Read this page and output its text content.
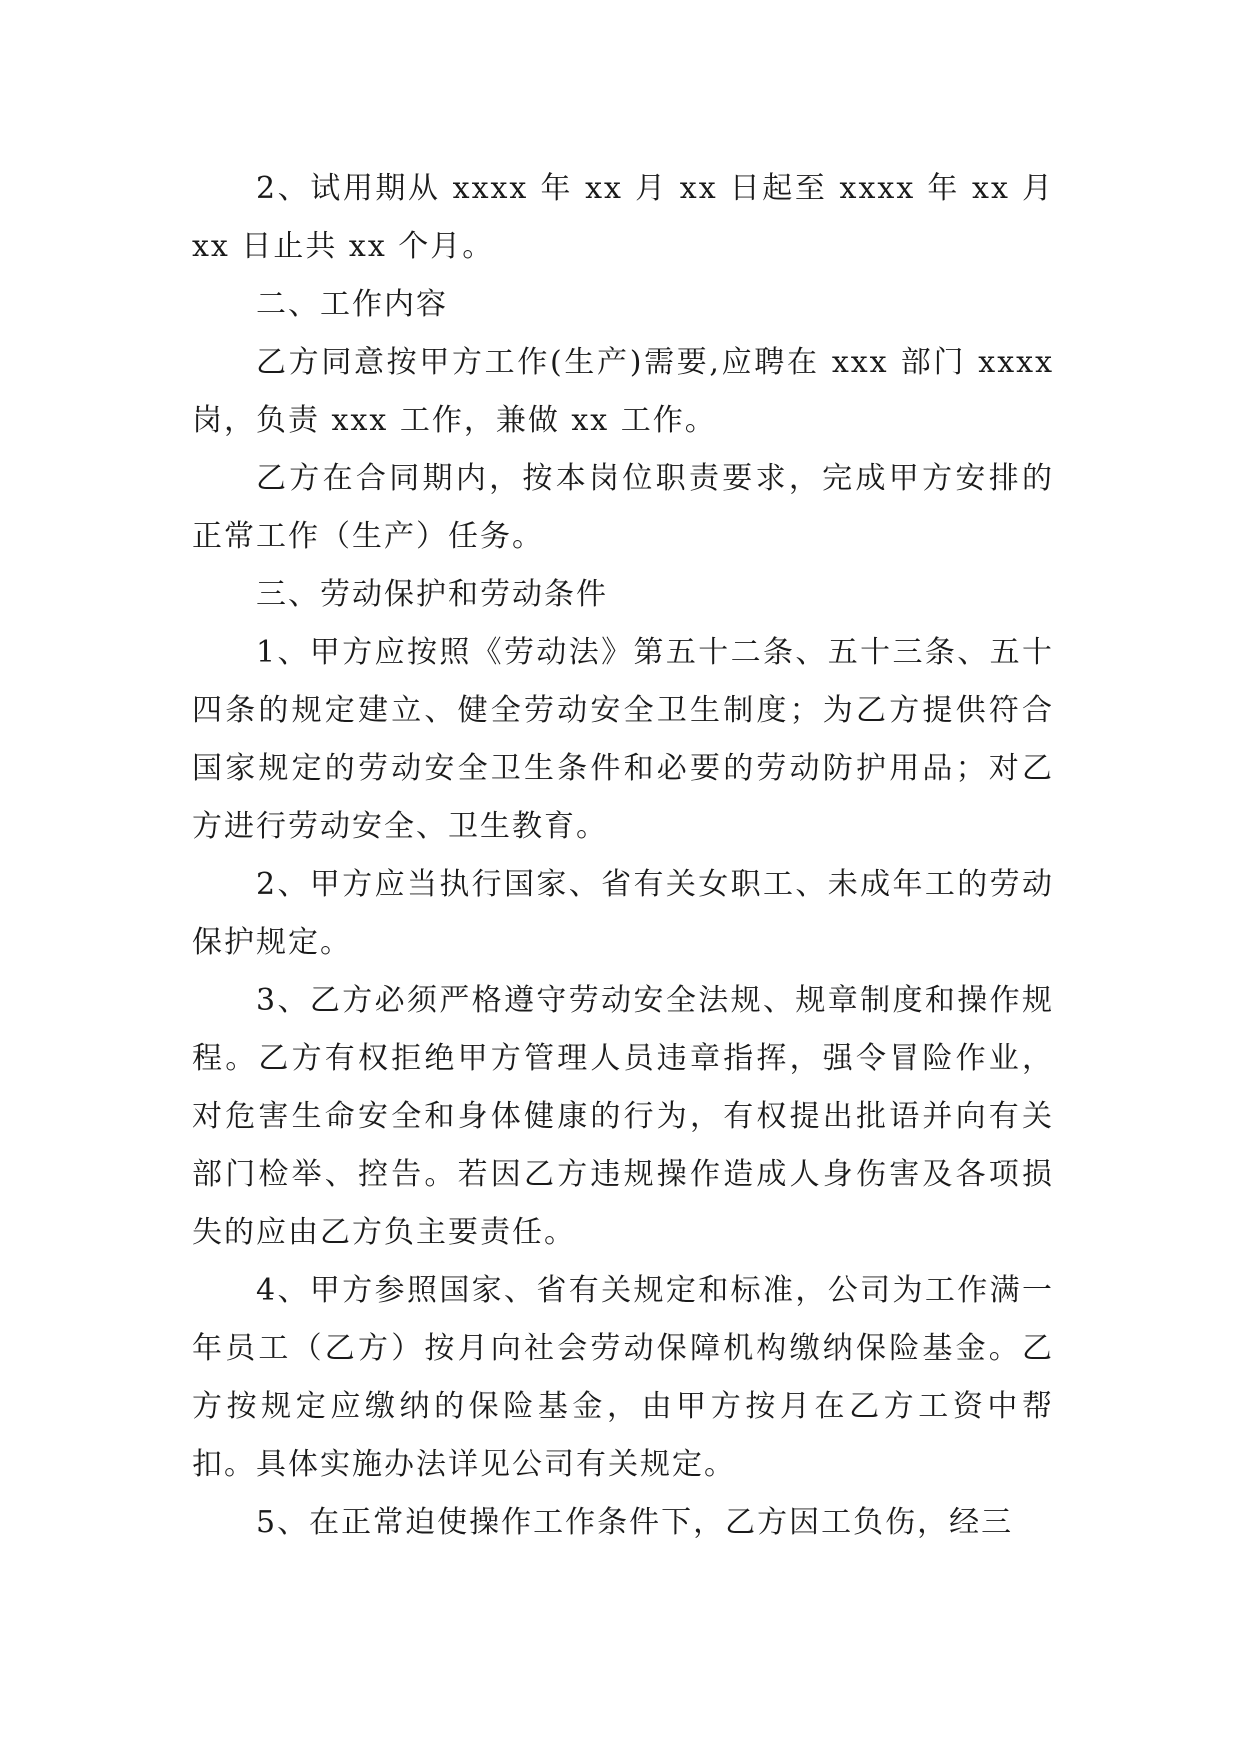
2、试用期从 xxxx 年 xx 月 xx 日起至 xxxx 年 xx 月 xx 日止共 xx 个月。

二、工作内容

乙方同意按甲方工作(生产)需要,应聘在 xxx 部门 xxxx 岗，负责 xxx 工作，兼做 xx 工作。

乙方在合同期内，按本岗位职责要求，完成甲方安排的正常工作（生产）任务。

三、劳动保护和劳动条件

1、甲方应按照《劳动法》第五十二条、五十三条、五十四条的规定建立、健全劳动安全卫生制度；为乙方提供符合国家规定的劳动安全卫生条件和必要的劳动防护用品；对乙方进行劳动安全、卫生教育。

2、甲方应当执行国家、省有关女职工、未成年工的劳动保护规定。

3、乙方必须严格遵守劳动安全法规、规章制度和操作规程。乙方有权拒绝甲方管理人员违章指挥，强令冒险作业，对危害生命安全和身体健康的行为，有权提出批语并向有关部门检举、控告。若因乙方违规操作造成人身伤害及各项损失的应由乙方负主要责任。

4、甲方参照国家、省有关规定和标准，公司为工作满一年员工（乙方）按月向社会劳动保障机构缴纳保险基金。乙方按规定应缴纳的保险基金，由甲方按月在乙方工资中帮扣。具体实施办法详见公司有关规定。

5、在正常迫使操作工作条件下，乙方因工负伤，经三
